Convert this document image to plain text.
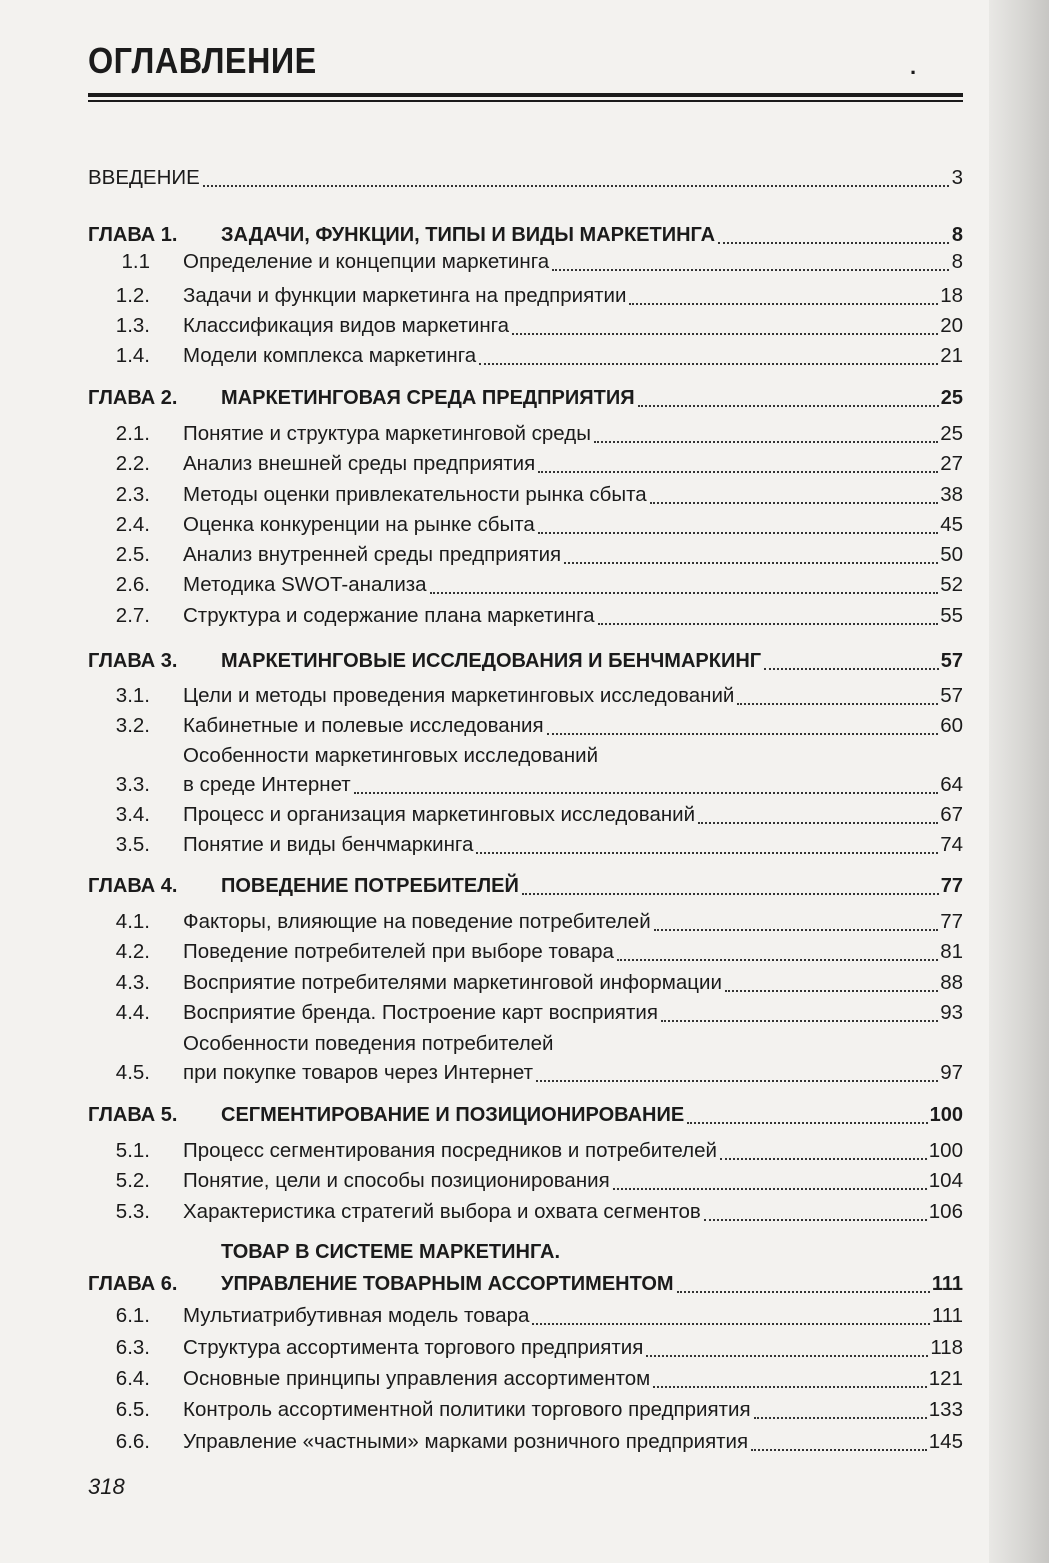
ОГЛАВЛЕНИЕ	.
ВВЕДЕНИЕ	3
ГЛАВА 1.	ЗАДАЧИ, ФУНКЦИИ, ТИПЫ И ВИДЫ МАРКЕТИНГА	8
1.1 Определение и концепции маркетинга	8
1.2. Задачи и функции маркетинга на предприятии	18
1.3. Классификация видов маркетинга	20
1.4. Модели комплекса маркетинга	21
ГЛАВА 2.	МАРКЕТИНГОВАЯ СРЕДА ПРЕДПРИЯТИЯ	25
2.1. Понятие и структура маркетинговой среды	25
2.2. Анализ внешней среды предприятия	27
2.3. Методы оценки привлекательности рынка сбыта	38
2.4. Оценка конкуренции на рынке сбыта	45
2.5. Анализ внутренней среды предприятия	50
2.6. Методика SWOT-анализа	52
2.7. Структура и содержание плана маркетинга	55
ГЛАВА 3.	МАРКЕТИНГОВЫЕ ИССЛЕДОВАНИЯ И БЕНЧМАРКИНГ	57
3.1. Цели и методы проведения маркетинговых исследований	57
3.2. Кабинетные и полевые исследования	60
Особенности маркетинговых исследований
3.3. в среде Интернет	64
3.4. Процесс и организация маркетинговых исследований	67
3.5. Понятие и виды бенчмаркинга	74
ГЛАВА 4.	ПОВЕДЕНИЕ ПОТРЕБИТЕЛЕЙ	77
4.1. Факторы, влияющие на поведение потребителей	77
4.2. Поведение потребителей при выборе товара	81
4.3. Восприятие потребителями маркетинговой информации	88
4.4. Восприятие бренда. Построение карт восприятия	93
Особенности поведения потребителей
4.5. при покупке товаров через Интернет	97
ГЛАВА 5.	СЕГМЕНТИРОВАНИЕ И ПОЗИЦИОНИРОВАНИЕ	100
5.1. Процесс сегментирования посредников и потребителей	100
5.2. Понятие, цели и способы позиционирования	104
5.3. Характеристика стратегий выбора и охвата сегментов	106
ТОВАР В СИСТЕМЕ МАРКЕТИНГА.
ГЛАВА 6.	УПРАВЛЕНИЕ ТОВАРНЫМ АССОРТИМЕНТОМ	111
6.1. Мультиатрибутивная модель товара	111
6.3. Структура ассортимента торгового предприятия	118
6.4. Основные принципы управления ассортиментом	121
6.5. Контроль ассортиментной политики торгового предприятия	133
6.6. Управление «частными» марками розничного предприятия	145
318
